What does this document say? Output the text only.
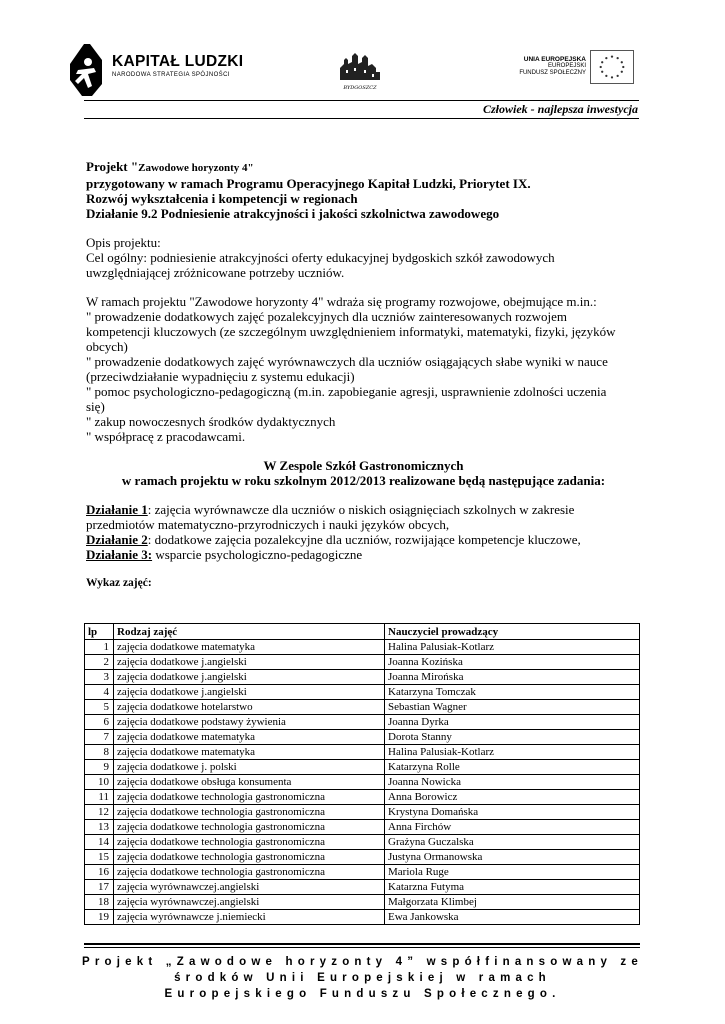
KAPITAŁ LUDZKI
NARODOWA STRATEGIA SPÓJNOŚCI
BYDGOSZCZ
UNIA EUROPEJSKA
EUROPEJSKI
FUNDUSZ SPOŁECZNY
Człowiek - najlepsza inwestycja
Projekt "Zawodowe horyzonty 4"
przygotowany w ramach Programu Operacyjnego Kapitał Ludzki, Priorytet IX.
Rozwój wykształcenia i kompetencji w regionach
Działanie 9.2 Podniesienie atrakcyjności i jakości szkolnictwa zawodowego
Opis projektu:
Cel ogólny: podniesienie atrakcyjności oferty edukacyjnej bydgoskich szkół zawodowych
uwzględniającej zróżnicowane potrzeby uczniów.
W ramach projektu "Zawodowe horyzonty 4" wdraża się programy rozwojowe, obejmujące m.in.:
" prowadzenie dodatkowych zajęć pozalekcyjnych dla uczniów zainteresowanych rozwojem
kompetencji kluczowych (ze szczególnym uwzględnieniem informatyki, matematyki, fizyki, języków
obcych)
" prowadzenie dodatkowych zajęć wyrównawczych dla uczniów osiągających słabe wyniki w nauce
(przeciwdziałanie wypadnięciu z systemu edukacji)
" pomoc psychologiczno-pedagogiczną (m.in. zapobieganie agresji, usprawnienie zdolności uczenia
się)
" zakup nowoczesnych środków dydaktycznych
" współpracę z pracodawcami.
W Zespole Szkół Gastronomicznych
w ramach projektu w roku szkolnym 2012/2013 realizowane będą następujące zadania:
Działanie 1: zajęcia wyrównawcze dla uczniów o niskich osiągnięciach szkolnych w zakresie
przedmiotów matematyczno-przyrodniczych i nauki języków obcych,
Działanie 2: dodatkowe zajęcia pozalekcyjne dla uczniów, rozwijające kompetencje kluczowe,
Działanie 3: wsparcie psychologiczno-pedagogiczne
Wykaz zajęć:
lp	Rodzaj zajęć	Nauczyciel prowadzący
1	zajęcia dodatkowe matematyka	Halina Palusiak-Kotlarz
2	zajęcia dodatkowe j.angielski	Joanna Kozińska
3	zajęcia dodatkowe j.angielski	Joanna Mirońska
4	zajęcia dodatkowe j.angielski	Katarzyna Tomczak
5	zajęcia dodatkowe hotelarstwo	Sebastian Wagner
6	zajęcia dodatkowe podstawy żywienia	Joanna Dyrka
7	zajęcia dodatkowe matematyka	Dorota Stanny
8	zajęcia dodatkowe matematyka	Halina Palusiak-Kotlarz
9	zajęcia dodatkowe j. polski	Katarzyna Rolle
10	zajęcia dodatkowe obsługa konsumenta	Joanna Nowicka
11	zajęcia dodatkowe technologia gastronomiczna	Anna Borowicz
12	zajęcia dodatkowe technologia gastronomiczna	Krystyna Domańska
13	zajęcia dodatkowe technologia gastronomiczna	Anna Firchów
14	zajęcia dodatkowe technologia gastronomiczna	Grażyna Guczalska
15	zajęcia dodatkowe technologia gastronomiczna	Justyna Ormanowska
16	zajęcia dodatkowe technologia gastronomiczna	Mariola Ruge
17	zajęcia wyrównawczej.angielski	Katarzna Futyma
18	zajęcia wyrównawczej.angielski	Małgorzata Klimbej
19	zajęcia wyrównawcze j.niemiecki	Ewa Jankowska
Projekt „Zawodowe horyzonty 4” współfinansowany ze
środków Unii Europejskiej w ramach
Europejskiego Funduszu Społecznego.
